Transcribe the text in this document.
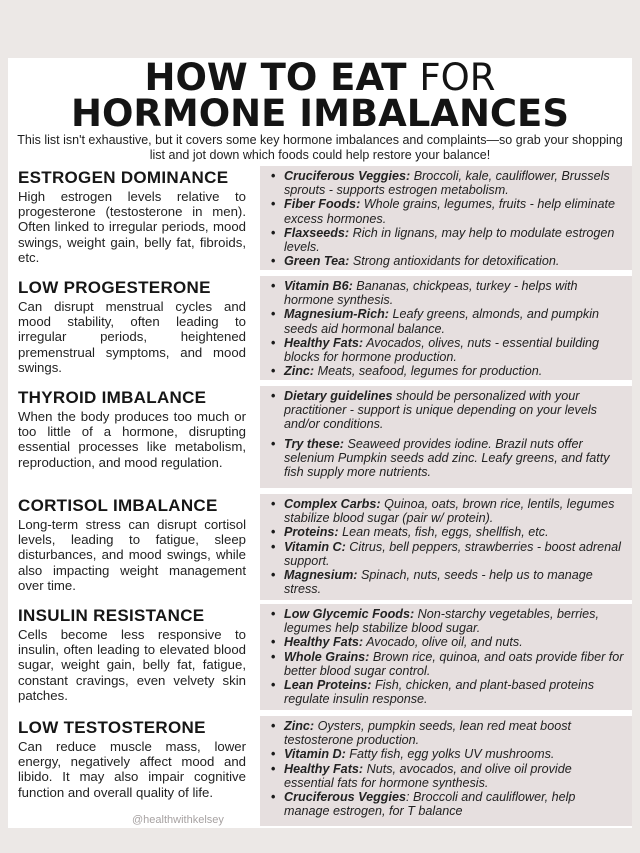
HOW TO EAT FOR
HORMONE IMBALANCES
This list isn't exhaustive, but it covers some key hormone imbalances and complaints—so grab your shopping list and jot down which foods could help restore your balance!
ESTROGEN DOMINANCE
High estrogen levels relative to progesterone (testosterone in men). Often linked to irregular periods, mood swings, weight gain, belly fat, fibroids, etc.
• Cruciferous Veggies: Broccoli, kale, cauliflower, Brussels sprouts - supports estrogen metabolism.
• Fiber Foods: Whole grains, legumes, fruits - help eliminate excess hormones.
• Flaxseeds: Rich in lignans, may help to modulate estrogen levels.
• Green Tea: Strong antioxidants for detoxification.
LOW PROGESTERONE
Can disrupt menstrual cycles and mood stability, often leading to irregular periods, heightened premenstrual symptoms, and mood swings.
• Vitamin B6: Bananas, chickpeas, turkey - helps with hormone synthesis.
• Magnesium-Rich: Leafy greens, almonds, and pumpkin seeds aid hormonal balance.
• Healthy Fats: Avocados, olives, nuts - essential building blocks for hormone production.
• Zinc: Meats, seafood, legumes for production.
THYROID IMBALANCE
When the body produces too much or too little of a hormone, disrupting essential processes like metabolism, reproduction, and mood regulation.
• Dietary guidelines should be personalized with your practitioner - support is unique depending on your levels and/or conditions.
• Try these: Seaweed provides iodine. Brazil nuts offer selenium Pumpkin seeds add zinc. Leafy greens, and fatty fish supply more nutrients.
CORTISOL IMBALANCE
Long-term stress can disrupt cortisol levels, leading to fatigue, sleep disturbances, and mood swings, while also impacting weight management over time.
• Complex Carbs: Quinoa, oats, brown rice, lentils, legumes stabilize blood sugar (pair w/ protein).
• Proteins: Lean meats, fish, eggs, shellfish, etc.
• Vitamin C: Citrus, bell peppers, strawberries - boost adrenal support.
• Magnesium: Spinach, nuts, seeds - help us to manage stress.
INSULIN RESISTANCE
Cells become less responsive to insulin, often leading to elevated blood sugar, weight gain, belly fat, fatigue, constant cravings, even velvety skin patches.
• Low Glycemic Foods: Non-starchy vegetables, berries, legumes help stabilize blood sugar.
• Healthy Fats: Avocado, olive oil, and nuts.
• Whole Grains: Brown rice, quinoa, and oats provide fiber for better blood sugar control.
• Lean Proteins: Fish, chicken, and plant-based proteins regulate insulin response.
LOW TESTOSTERONE
Can reduce muscle mass, lower energy, negatively affect mood and libido. It may also impair cognitive function and overall quality of life.
• Zinc: Oysters, pumpkin seeds, lean red meat boost testosterone production.
• Vitamin D: Fatty fish, egg yolks UV mushrooms.
• Healthy Fats: Nuts, avocados, and olive oil provide essential fats for hormone synthesis.
• Cruciferous Veggies: Broccoli and cauliflower, help manage estrogen, for T balance
@healthwithkelsey
